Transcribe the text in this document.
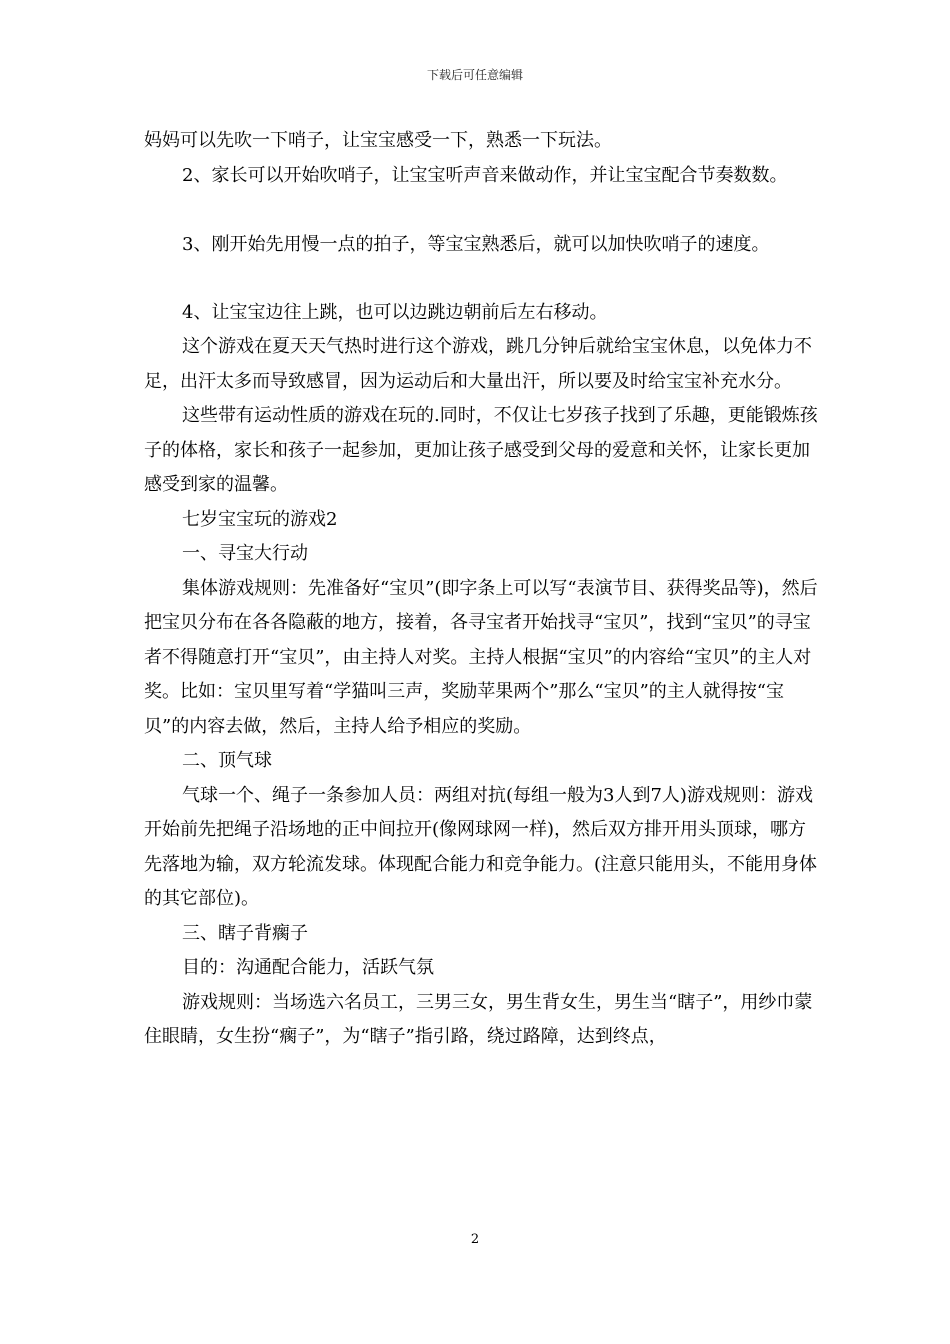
下载后可任意编辑

妈妈可以先吹一下哨子，让宝宝感受一下，熟悉一下玩法。

2、家长可以开始吹哨子，让宝宝听声音来做动作，并让宝宝配合节奏数数。

3、刚开始先用慢一点的拍子，等宝宝熟悉后，就可以加快吹哨子的速度。

4、让宝宝边往上跳，也可以边跳边朝前后左右移动。

这个游戏在夏天天气热时进行这个游戏，跳几分钟后就给宝宝休息，以免体力不足，出汗太多而导致感冒，因为运动后和大量出汗，所以要及时给宝宝补充水分。

这些带有运动性质的游戏在玩的.同时，不仅让七岁孩子找到了乐趣，更能锻炼孩子的体格，家长和孩子一起参加，更加让孩子感受到父母的爱意和关怀，让家长更加感受到家的温馨。

七岁宝宝玩的游戏2

一、寻宝大行动

集体游戏规则：先准备好“宝贝”(即字条上可以写“表演节目、获得奖品等)，然后把宝贝分布在各各隐蔽的地方，接着，各寻宝者开始找寻“宝贝”，找到“宝贝”的寻宝者不得随意打开“宝贝”，由主持人对奖。主持人根据“宝贝”的内容给“宝贝”的主人对奖。比如：宝贝里写着“学猫叫三声，奖励苹果两个”那么“宝贝”的主人就得按“宝贝”的内容去做，然后，主持人给予相应的奖励。

二、顶气球

气球一个、绳子一条参加人员：两组对抗(每组一般为3人到7人)游戏规则：游戏开始前先把绳子沿场地的正中间拉开(像网球网一样)，然后双方排开用头顶球，哪方先落地为输，双方轮流发球。体现配合能力和竞争能力。(注意只能用头，不能用身体的其它部位)。

三、瞎子背瘸子

目的：沟通配合能力，活跃气氛

游戏规则：当场选六名员工，三男三女，男生背女生，男生当“瞎子”，用纱巾蒙住眼睛，女生扮“瘸子”，为“瞎子”指引路，绕过路障，达到终点，

2
